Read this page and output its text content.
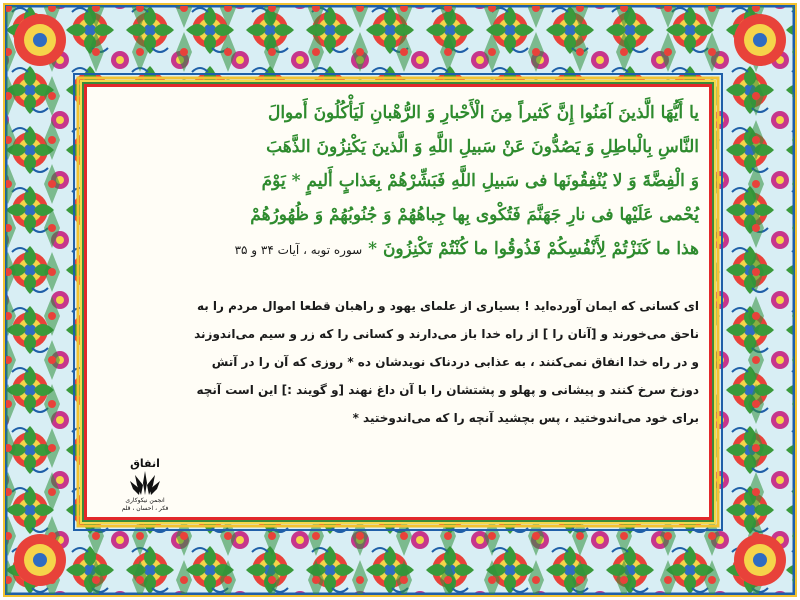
یا أَیُّهَا الَّذینَ آمَنُوا إِنَّ کَثیراً مِنَ الْأَحْبارِ وَ الرُّهْبانِ لَیَأْکُلُونَ أَموالَ
النَّاسِ بِالْباطِلِ وَ یَصُدُّونَ عَنْ سَبیلِ اللَّهِ وَ الَّذینَ یَکْنِزُونَ الذَّهَبَ
وَ الْفِضَّةَ وَ لا یُنْفِقُونَها فی سَبیلِ اللَّهِ فَبَشِّرْهُمْ بِعَذابٍ أَلیمٍ * یَوْمَ
یُحْمی عَلَیْها فی نارِ جَهَنَّمَ فَتُکْوی بِها جِباهُهُمْ وَ جُنُوبُهُمْ وَ ظُهُورُهُمْ
هذا ما کَنَزْتُمْ لِأَنْفُسِکُمْ فَذُوقُوا ما کُنْتُمْ تَکْنِزُونَ * سوره توبه ، آیات ۳۴ و ۳۵
ای کسانی که ایمان آورده‌اید ! بسیاری از علمای یهود و راهبان قطعا اموال مردم را به
ناحق می‌خورند و [آنان را ] از راه خدا باز می‌دارند و کسانی را که زر و سیم می‌اندوزند
و در راه خدا انفاق نمی‌کنند ، به عذابی دردناک نویدشان ده * روزی که آن را در آتش
دوزخ سرخ کنند و پیشانی و پهلو و پشتشان را با آن داغ نهند [و گویند :] این است آنچه
برای خود می‌اندوختید ، پس بچشید آنچه را که می‌اندوختید *
انفاق
انجمن نیکوکاری
فکر ، احسان ، قلم
